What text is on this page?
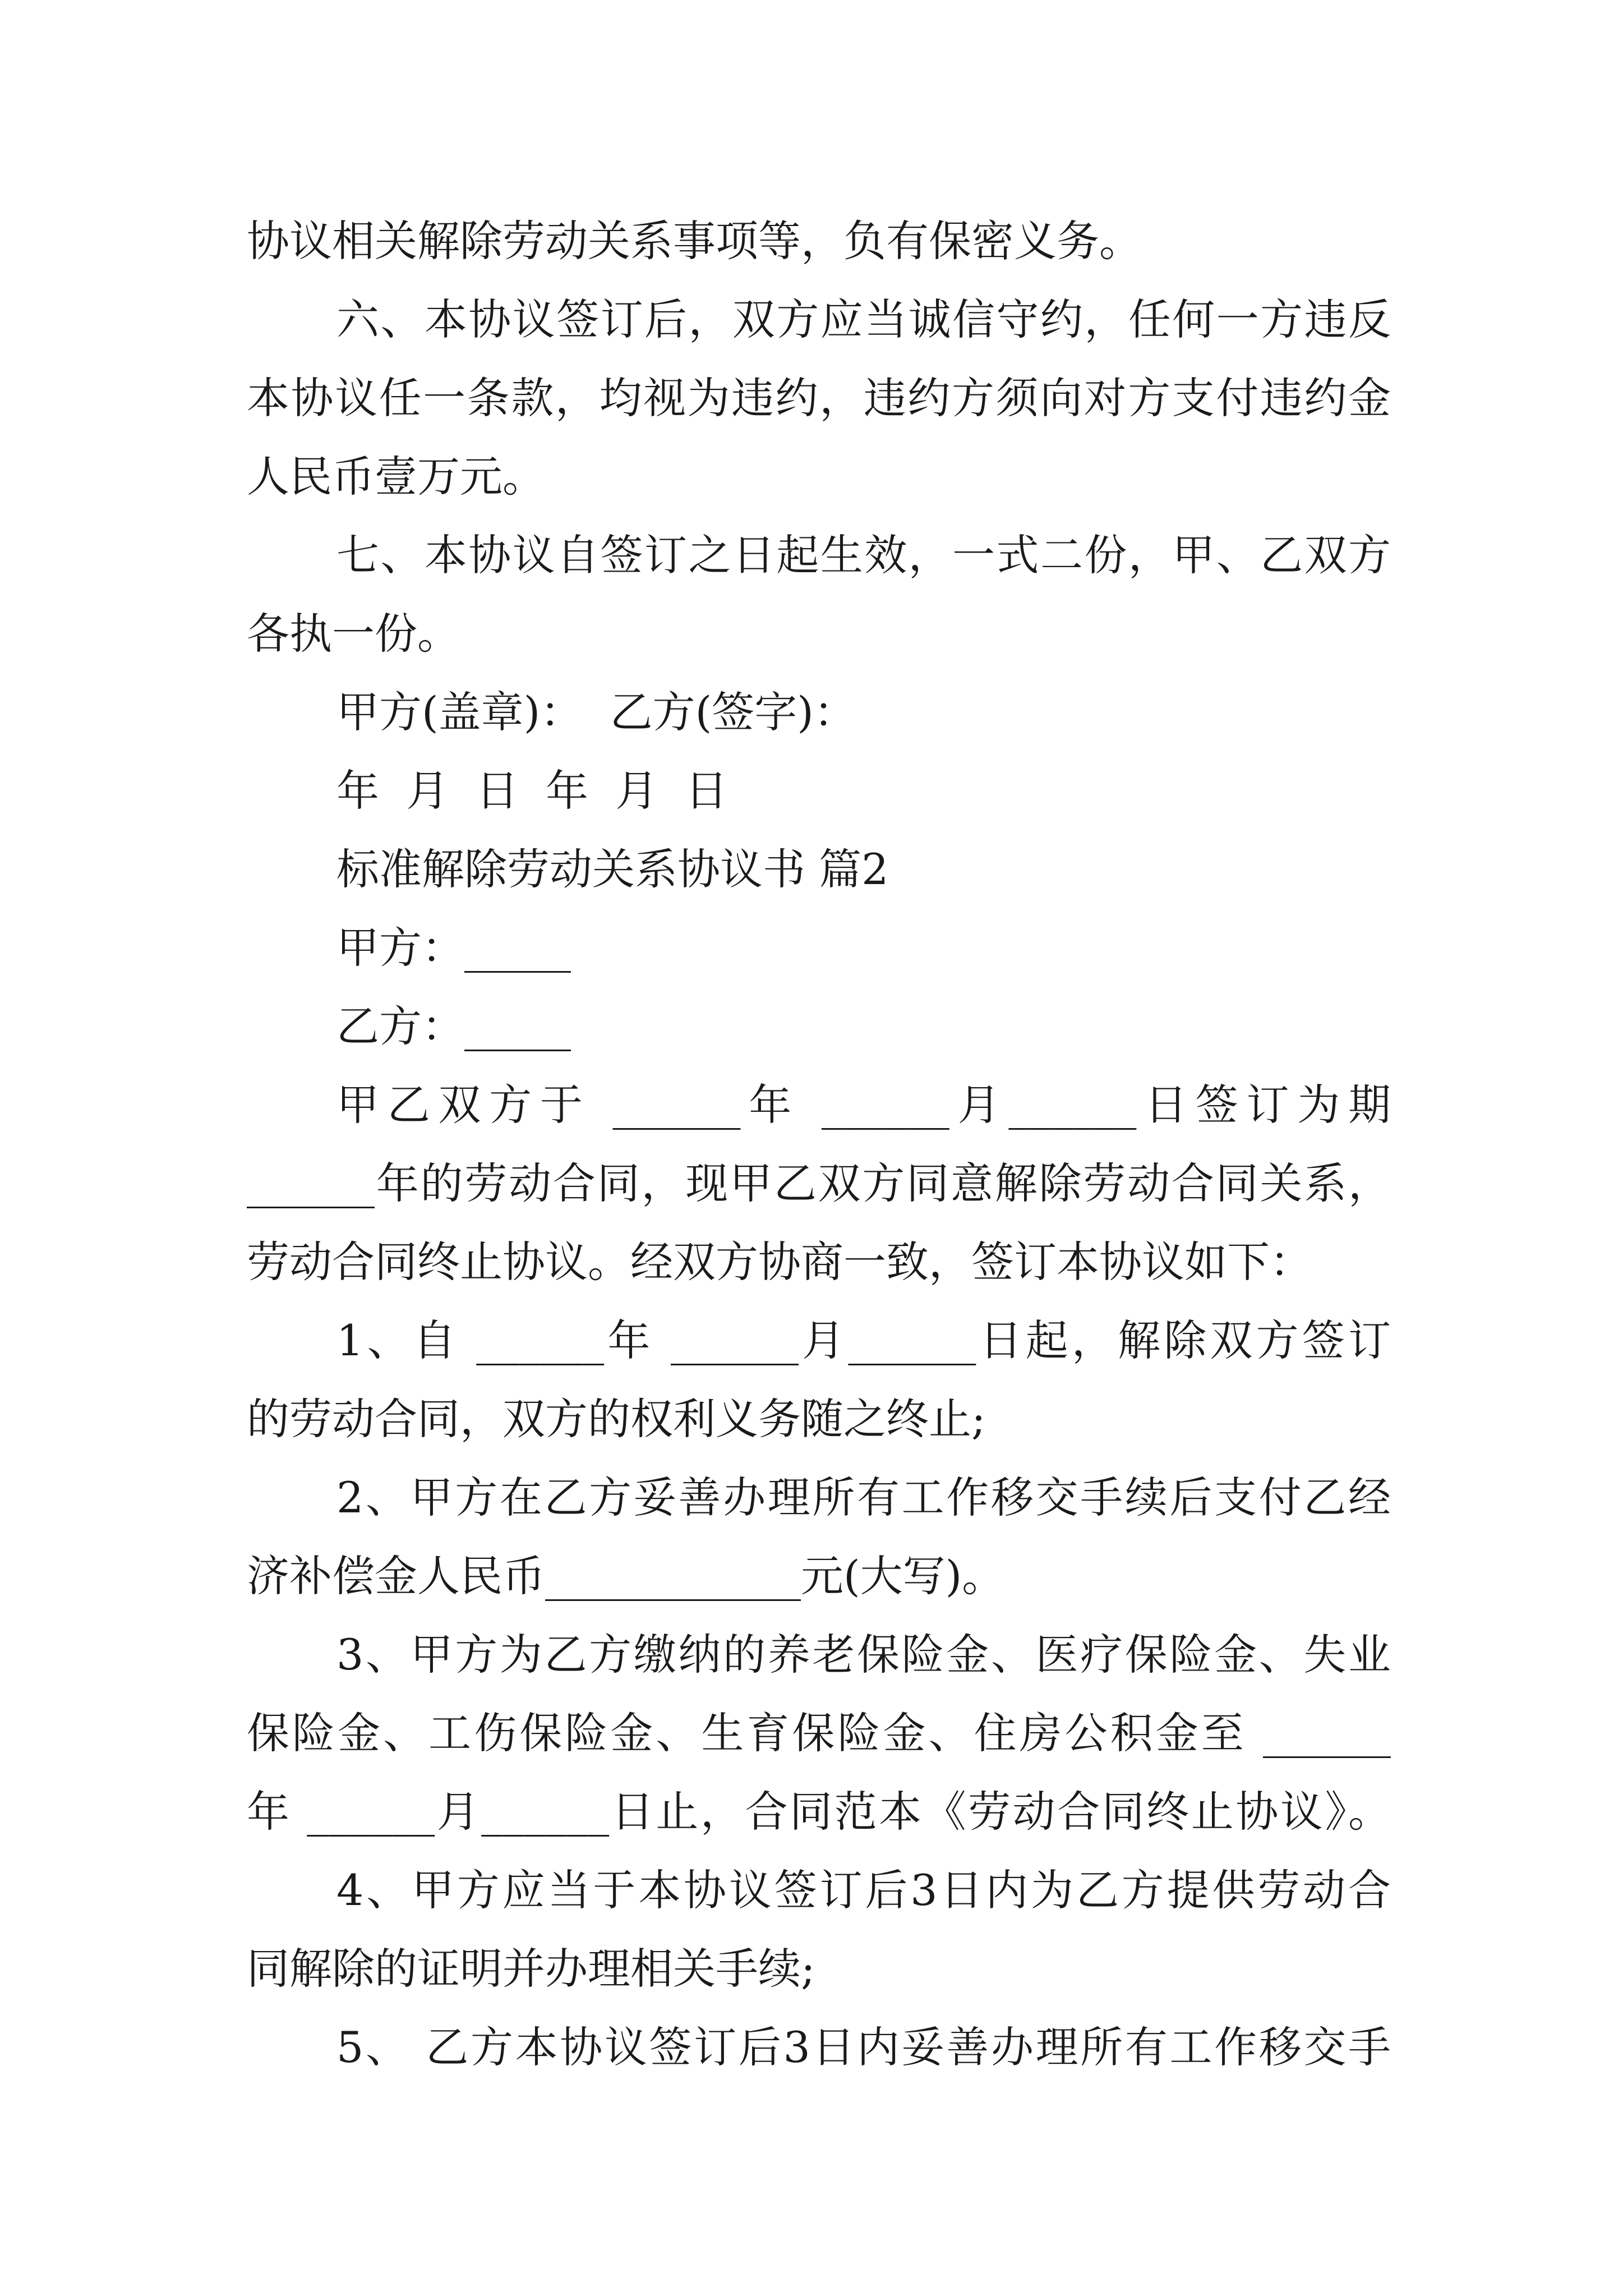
协议相关解除劳动关系事项等，负有保密义务。
六、本协议签订后，双方应当诚信守约，任何一方违反
本协议任一条款，均视为违约，违约方须向对方支付违约金
人民币壹万元。
七、本协议自签订之日起生效，一式二份，甲、乙双方
各执一份。
甲方(盖章)：  乙方(签字)：
年  月  日  年  月  日
标准解除劳动关系协议书 篇2
甲方：_____
乙方：_____
甲乙双方于 ______年 ______月______日签订为期
______年的劳动合同，现甲乙双方同意解除劳动合同关系，
劳动合同终止协议。经双方协商一致，签订本协议如下：
1、自 ______年 ______月______日起，解除双方签订
的劳动合同，双方的权利义务随之终止;
2、甲方在乙方妥善办理所有工作移交手续后支付乙经
济补偿金人民币____________元(大写)。
3、甲方为乙方缴纳的养老保险金、医疗保险金、失业
保险金、工伤保险金、生育保险金、住房公积金至 ______
年 ______月______日止，合同范本《劳动合同终止协议》。
4、甲方应当于本协议签订后3日内为乙方提供劳动合
同解除的证明并办理相关手续;
5、 乙方本协议签订后3日内妥善办理所有工作移交手
